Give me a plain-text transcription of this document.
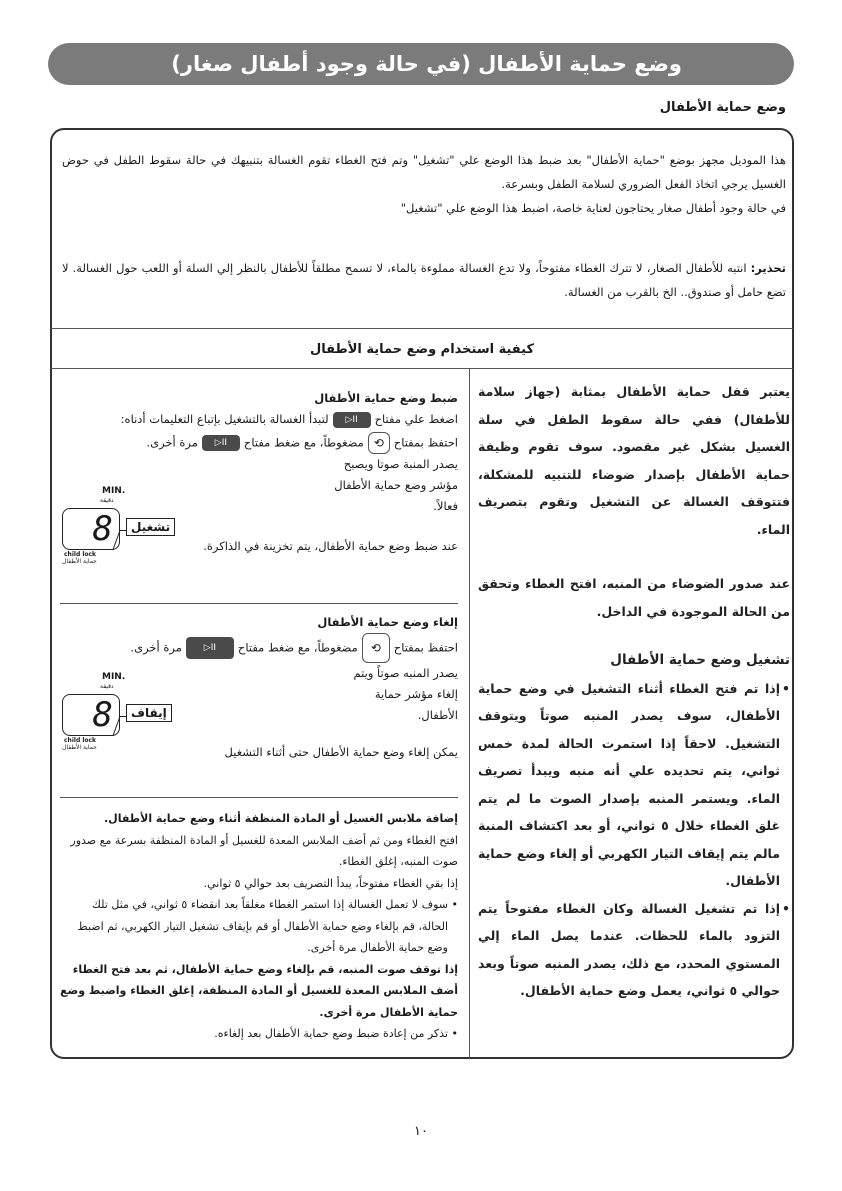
وضع حماية الأطفال (في حالة وجود أطفال صغار)
وضع حماية الأطفال

هذا الموديل مجهز بوضع "حماية الأطفال" بعد ضبط هذا الوضع علي "تشغيل" وتم فتح الغطاء تقوم الغسالة بتنبيهك في حالة سقوط الطفل في حوض الغسيل يرجي اتخاذ الفعل الضروري لسلامة الطفل وبسرعة.

في حالة وجود أطفال صغار يحتاجون لعناية خاصة، اضبط هذا الوضع علي "تشغيل"

تحذير: انتبه للأطفال الصغار، لا تترك الغطاء مفتوحاً، ولا تدع الغسالة مملوءة بالماء، لا تسمح مطلقاً للأطفال بالنظر إلي السلة أو اللعب حول الغسالة. لا تضع حامل أو صندوق.. الخ بالقرب من الغسالة.

كيفية استخدام وضع حماية الأطفال

يعتبر قفل حماية الأطفال بمثابة (جهاز سلامة للأطفال) ففي حالة سقوط الطفل في سلة الغسيل بشكل غير مقصود. سوف تقوم وظيفة حماية الأطفال بإصدار ضوضاء للتنبيه للمشكلة، فتتوقف الغسالة عن التشغيل وتقوم بتصريف الماء.

عند صدور الضوضاء من المنبه، افتح الغطاء وتحقق من الحالة الموجودة في الداخل.

تشغيل وضع حماية الأطفال

• إذا تم فتح الغطاء أثناء التشغيل في وضع حماية الأطفال، سوف يصدر المنبه صوتاً ويتوقف التشغيل. لاحقاً إذا استمرت الحالة لمدة خمس ثواني، يتم تحديده علي أنه منبه ويبدأ تصريف الماء. ويستمر المنبه بإصدار الصوت ما لم يتم غلق الغطاء خلال ٥ ثواني، أو بعد اكتشاف المنبة مالم يتم إيقاف التيار الكهربي أو إلغاء وضع حماية الأطفال.

• إذا تم تشغيل الغسالة وكان الغطاء مفتوحاً يتم التزود بالماء للحظات. عندما يصل الماء إلي المستوي المحدد، مع ذلك، يصدر المنبه صوتاً وبعد حوالي ٥ ثواني، يعمل وضع حماية الأطفال.

ضبط وضع حماية الأطفال

اضغط علي مفتاح▷IIلتبدأ الغسالة بالتشغيل بإتباع التعليمات أدناه:

احتفظ بمفتاح⟲مضغوطاً، مع ضغط مفتاح▷IIمرة أخرى.

يصدر المنبة صوتا ويصبح

مؤشر وضع حماية الأطفال

فعالاً.

عند ضبط وضع حماية الأطفال، يتم تخزينة في الذاكرة.

MIN.
دقيقة
8	تشغيل
child lock
حماية الأطفال

إلغاء وضع حماية الأطفال

احتفظ بمفتاح⟲مضغوطاً، مع ضغط مفتاح▷IIمرة أخرى.

يصدر المنبه صوتاً ويتم

إلغاء مؤشر حماية

الأطفال.

يمكن إلغاء وضع حماية الأطفال حتى أثناء التشغيل

MIN.
دقيقة
8	إيقاف
child lock
حماية الأطفال

إضافة ملابس الغسيل أو المادة المنظفة أثناء وضع حماية الأطفال.

افتح الغطاء ومن ثم أضف الملابس المعدة للغسيل أو المادة المنظفة بسرعة مع صدور صوت المنبه، إغلق الغطاء.

إذا بقي الغطاء مفتوحاً، يبدأ التصريف بعد حوالي ٥ ثواني.

• سوف لا تعمل الغسالة إذا استمر الغطاء مغلقاً بعد انقضاء ٥ ثواني، في مثل تلك الحالة، قم بإلغاء وضع حماية الأطفال أو قم بإيقاف تشغيل التيار الكهربي، ثم اضبط وضع حماية الأطفال مرة أخرى.

إذا توقف صوت المنبه، قم بإلغاء وضع حماية الأطفال، ثم بعد فتح الغطاء أضف الملابس المعدة للغسيل أو المادة المنظفة، إغلق الغطاء واضبط وضع حماية الأطفال مرة أخرى.

• تذكر من إعادة ضبط وضع حماية الأطفال بعد إلغاءه.

١٠
